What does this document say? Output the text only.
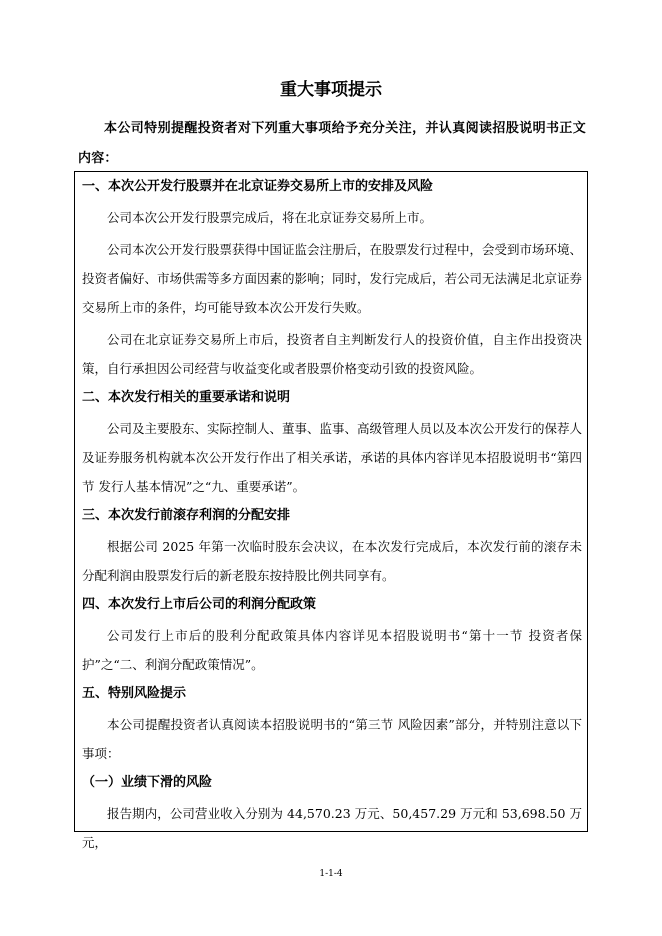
重大事项提示

本公司特别提醒投资者对下列重大事项给予充分关注，并认真阅读招股说明书正文内容：

一、本次公开发行股票并在北京证券交易所上市的安排及风险

公司本次公开发行股票完成后，将在北京证券交易所上市。

公司本次公开发行股票获得中国证监会注册后，在股票发行过程中，会受到市场环境、投资者偏好、市场供需等多方面因素的影响；同时，发行完成后，若公司无法满足北京证券交易所上市的条件，均可能导致本次公开发行失败。

公司在北京证券交易所上市后，投资者自主判断发行人的投资价值，自主作出投资决策，自行承担因公司经营与收益变化或者股票价格变动引致的投资风险。

二、本次发行相关的重要承诺和说明

公司及主要股东、实际控制人、董事、监事、高级管理人员以及本次公开发行的保荐人及证券服务机构就本次公开发行作出了相关承诺，承诺的具体内容详见本招股说明书“第四节 发行人基本情况”之“九、重要承诺”。

三、本次发行前滚存利润的分配安排

根据公司 2025 年第一次临时股东会决议，在本次发行完成后，本次发行前的滚存未分配利润由股票发行后的新老股东按持股比例共同享有。

四、本次发行上市后公司的利润分配政策

公司发行上市后的股利分配政策具体内容详见本招股说明书“第十一节 投资者保护”之“二、利润分配政策情况”。

五、特别风险提示

本公司提醒投资者认真阅读本招股说明书的“第三节 风险因素”部分，并特别注意以下事项：

（一）业绩下滑的风险

报告期内，公司营业收入分别为 44,570.23 万元、50,457.29 万元和 53,698.50 万元，

1-1-4
